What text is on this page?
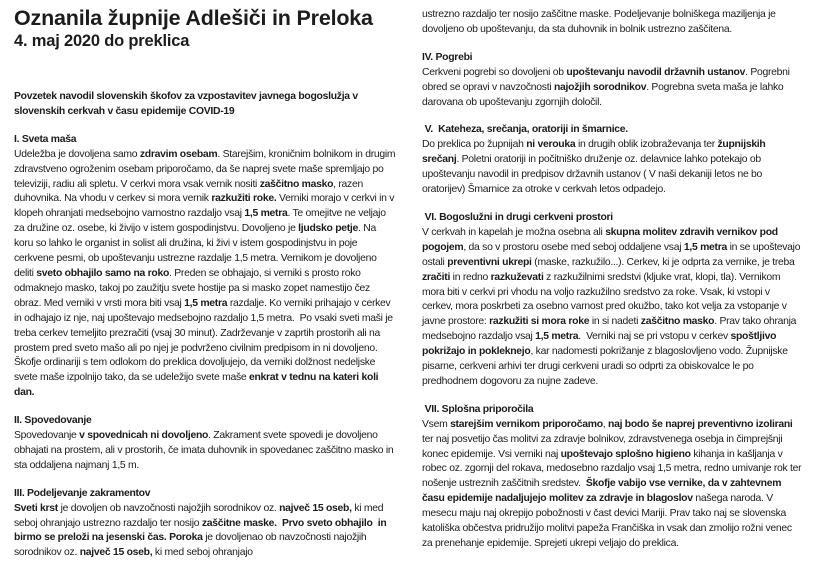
Oznanila župnije Adlešiči in Preloka
4. maj 2020 do preklica
Povzetek navodil slovenskih škofov za vzpostavitev javnega bogoslužja v slovenskih cerkvah v času epidemije COVID-19
I. Sveta maša
Udeležba je dovoljena samo zdravim osebam. Starejšim, kroničnim bolnikom in drugim zdravstveno ogroženim osebam priporočamo, da še naprej svete maše spremljajo po televiziji, radiu ali spletu. V cerkvi mora vsak vernik nositi zaščitno masko, razen duhovnika. Na vhodu v cerkev si mora vernik razkužiti roke. Verniki morajo v cerkvi in v klopeh ohranjati medsebojno varnostno razdaljo vsaj 1,5 metra. Te omejitve ne veljajo za družine oz. osebe, ki živijo v istem gospodinjstvu. Dovoljeno je ljudsko petje. Na koru so lahko le organist in solist ali družina, ki živi v istem gospodinjstvu in poje cerkvene pesmi, ob upoštevanju ustrezne razdalje 1,5 metra. Vernikom je dovoljeno deliti sveto obhajilo samo na roko. Preden se obhajajo, si verniki s prosto roko odmaknejo masko, takoj po zaužitju svete hostije pa si masko zopet namestijo čez obraz. Med verniki v vrsti mora biti vsaj 1,5 metra razdalje. Ko verniki prihajajo v cerkev in odhajajo iz nje, naj upoštevajo medsebojno razdaljo 1,5 metra.  Po vsaki sveti maši je treba cerkev temeljito prezračiti (vsaj 30 minut). Zadrževanje v zaprtih prostorih ali na prostem pred sveto mašo ali po njej je podvrženo civilnim predpisom in ni dovoljeno. Škofje ordinariji s tem odlokom do preklica dovoljujejo, da verniki dolžnost nedeljske svete maše izpolnijo tako, da se udeležijo svete maše enkrat v tednu na kateri koli dan.
II. Spovedovanje
Spovedovanje v spovednicah ni dovoljeno. Zakrament svete spovedi je dovoljeno obhajati na prostem, ali v prostorih, če imata duhovnik in spovedanec zaščitno masko in sta oddaljena najmanj 1,5 m.
III. Podeljevanje zakramentov
Sveti krst je dovoljen ob navzočnosti najožjih sorodnikov oz. največ 15 oseb, ki med seboj ohranjajo ustrezno razdaljo ter nosijo zaščitne maske. Prvo sveto obhajilo  in birmo se preloži na jesenski čas. Poroka je dovoljenao ob navzočnosti najožjih sorodnikov oz. največ 15 oseb, ki med seboj ohranjajo
ustrezno razdaljo ter nosijo zaščitne maske. Podeljevanje bolniškega maziljenja je dovoljeno ob upoštevanju, da sta duhovnik in bolnik ustrezno zaščitena.
IV. Pogrebi
Cerkveni pogrebi so dovoljeni ob upoštevanju navodil državnih ustanov. Pogrebni obred se opravi v navzočnosti najožjih sorodnikov. Pogrebna sveta maša je lahko darovana ob upoštevanju zgornjih določil.
V.  Kateheza, srečanja, oratoriji in šmarnice.
Do preklica po župnijah ni verouka in drugih oblik izobraževanja ter župnijskih srečanj. Poletni oratoriji in počitniško druženje oz. delavnice lahko potekajo ob upoštevanju navodil in predpisov državnih ustanov ( V naši dekaniji letos ne bo oratorijev) Šmarnice za otroke v cerkvah letos odpadejo.
VI. Bogoslužni in drugi cerkveni prostori
V cerkvah in kapelah je možna osebna ali skupna molitev zdravih vernikov pod pogojem, da so v prostoru osebe med seboj oddaljene vsaj 1,5 metra in se upoštevajo ostali preventivni ukrepi (maske, razkužilo...). Cerkev, ki je odprta za vernike, je treba zračiti in redno razkuževati z razkužilnimi sredstvi (kljuke vrat, klopi, tla). Vernikom mora biti v cerkvi pri vhodu na voljo razkužilno sredstvo za roke. Vsak, ki vstopi v cerkev, mora poskrbeti za osebno varnost pred okužbo, tako kot velja za vstopanje v javne prostore: razkužiti si mora roke in si nadeti zaščitno masko. Prav tako ohranja medsebojno razdaljo vsaj 1,5 metra.  Verniki naj se pri vstopu v cerkev spoštljivo pokrižajo in pokleknejo, kar nadomesti pokrižanje z blagoslovljeno vodo. Župnijske pisarne, cerkveni arhivi ter drugi cerkveni uradi so odprti za obiskovalce le po predhodnem dogovoru za nujne zadeve.
VII. Splošna priporočila
Vsem starejšim vernikom priporočamo, naj bodo še naprej preventivno izolirani ter naj posvetijo čas molitvi za zdravje bolnikov, zdravstvenega osebja in čimprejšnji konec epidemije. Vsi verniki naj upoštevajo splošno higieno kihanja in kašljanja v robec oz. zgornji del rokava, medosebno razdaljo vsaj 1,5 metra, redno umivanje rok ter nošenje ustreznih zaščitnih sredstev.  Škofje vabijo vse vernike, da v zahtevnem času epidemije nadaljujejo molitev za zdravje in blagoslov našega naroda. V mesecu maju naj okrepijo pobožnosti v čast devici Mariji. Prav tako naj se slovenska katoliška občestva pridružijo molitvi papeža Frančiška in vsak dan zmolijo rožni venec za prenehanje epidemije. Sprejeti ukrepi veljajo do preklica.
